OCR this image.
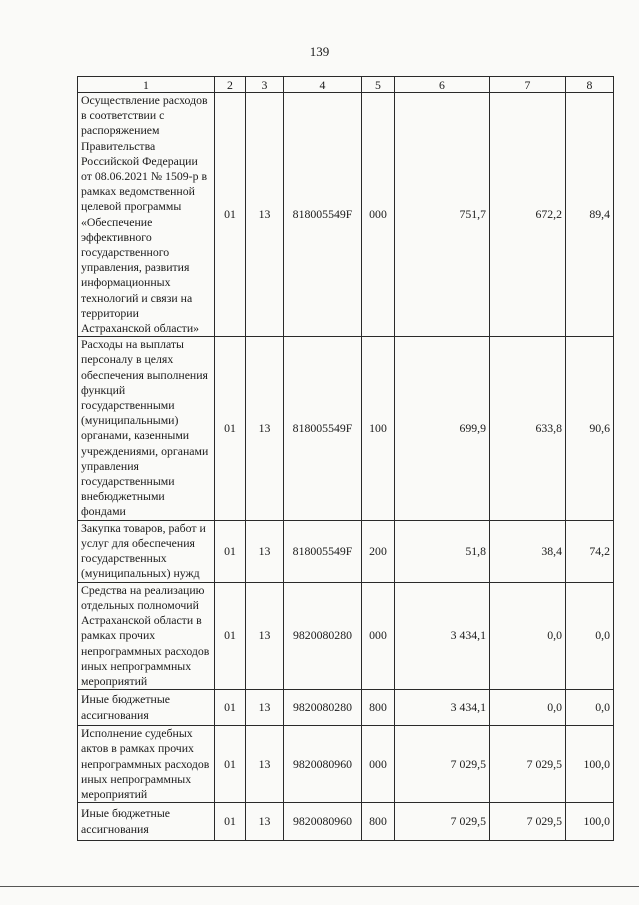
139
1	2	3	4	5	6	7	8
Осуществление расходов в соответствии с распоряжением Правительства Российской Федерации от 08.06.2021 № 1509-р в рамках ведомственной целевой программы «Обеспечение эффективного государственного управления, развития информационных технологий и связи на территории Астраханской области»	01	13	818005549F	000	751,7	672,2	89,4
Расходы на выплаты персоналу в целях обеспечения выполнения функций государственными (муниципальными) органами, казенными учреждениями, органами управления государственными внебюджетными фондами	01	13	818005549F	100	699,9	633,8	90,6
Закупка товаров, работ и услуг для обеспечения государственных (муниципальных) нужд	01	13	818005549F	200	51,8	38,4	74,2
Средства на реализацию отдельных полномочий Астраханской области в рамках прочих непрограммных расходов иных непрограммных мероприятий	01	13	9820080280	000	3 434,1	0,0	0,0
Иные бюджетные ассигнования	01	13	9820080280	800	3 434,1	0,0	0,0
Исполнение судебных актов в рамках прочих непрограммных расходов иных непрограммных мероприятий	01	13	9820080960	000	7 029,5	7 029,5	100,0
Иные бюджетные ассигнования	01	13	9820080960	800	7 029,5	7 029,5	100,0
